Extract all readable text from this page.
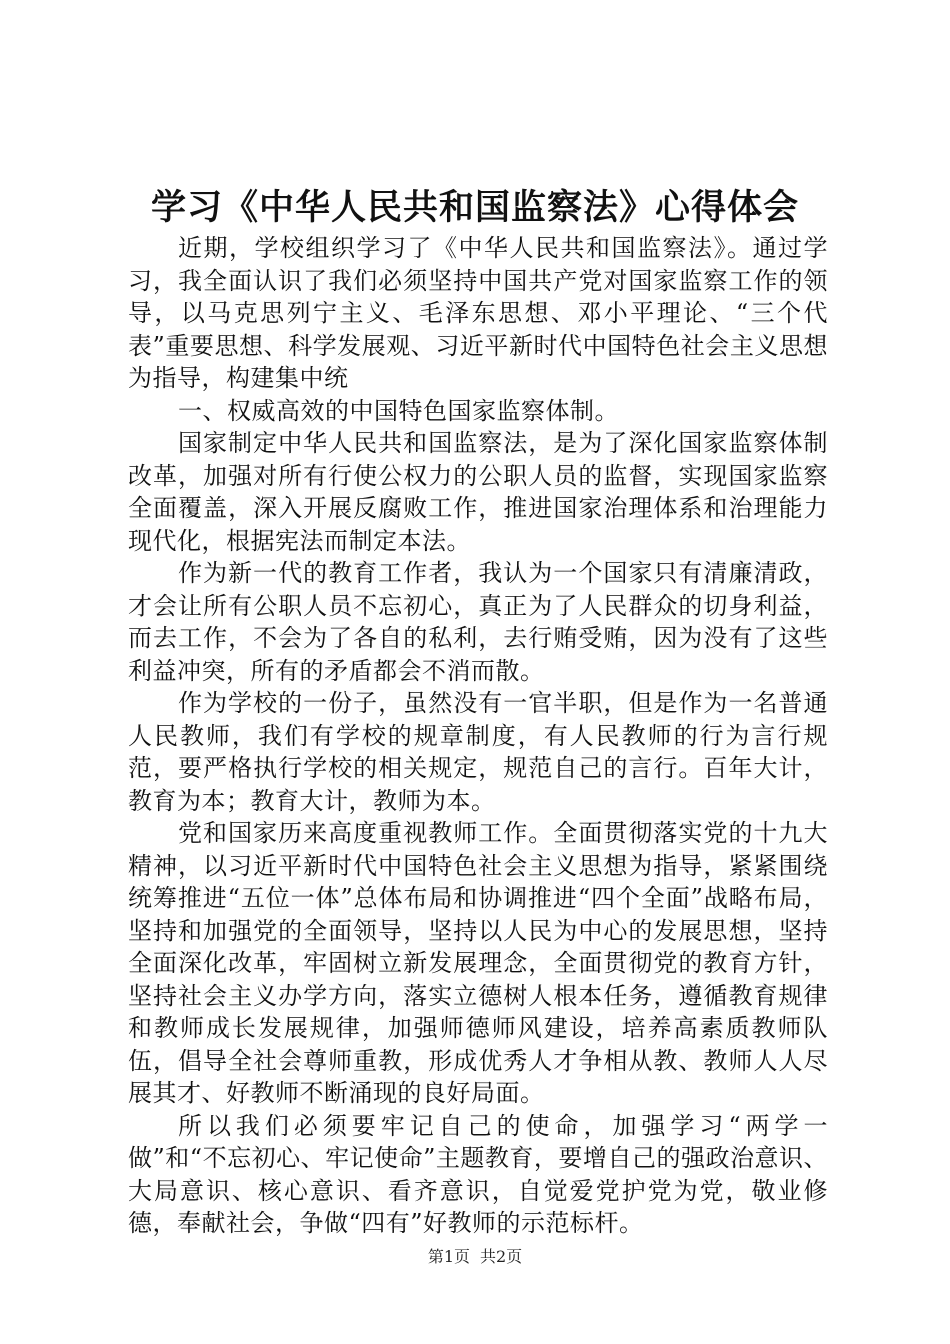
学习《中华人民共和国监察法》心得体会

近期，学校组织学习了《中华人民共和国监察法》。通过学习，我全面认识了我们必须坚持中国共产党对国家监察工作的领导，以马克思列宁主义、毛泽东思想、邓小平理论、“三个代表”重要思想、科学发展观、习近平新时代中国特色社会主义思想为指导，构建集中统

一、权威高效的中国特色国家监察体制。

国家制定中华人民共和国监察法，是为了深化国家监察体制改革，加强对所有行使公权力的公职人员的监督，实现国家监察全面覆盖，深入开展反腐败工作，推进国家治理体系和治理能力现代化，根据宪法而制定本法。

作为新一代的教育工作者，我认为一个国家只有清廉清政，才会让所有公职人员不忘初心，真正为了人民群众的切身利益，而去工作，不会为了各自的私利，去行贿受贿，因为没有了这些利益冲突，所有的矛盾都会不消而散。

作为学校的一份子，虽然没有一官半职，但是作为一名普通人民教师，我们有学校的规章制度，有人民教师的行为言行规范，要严格执行学校的相关规定，规范自己的言行。百年大计，教育为本；教育大计，教师为本。

党和国家历来高度重视教师工作。全面贯彻落实党的十九大精神，以习近平新时代中国特色社会主义思想为指导，紧紧围绕统筹推进“五位一体”总体布局和协调推进“四个全面”战略布局，坚持和加强党的全面领导，坚持以人民为中心的发展思想，坚持全面深化改革，牢固树立新发展理念，全面贯彻党的教育方针，坚持社会主义办学方向，落实立德树人根本任务，遵循教育规律和教师成长发展规律，加强师德师风建设，培养高素质教师队伍，倡导全社会尊师重教，形成优秀人才争相从教、教师人人尽展其才、好教师不断涌现的良好局面。

所以我们必须要牢记自己的使命，加强学习“两学一做”和“不忘初心、牢记使命”主题教育，要增自己的强政治意识、大局意识、核心意识、看齐意识，自觉爱党护党为党，敬业修德，奉献社会，争做“四有”好教师的示范标杆。

第1页 共2页
